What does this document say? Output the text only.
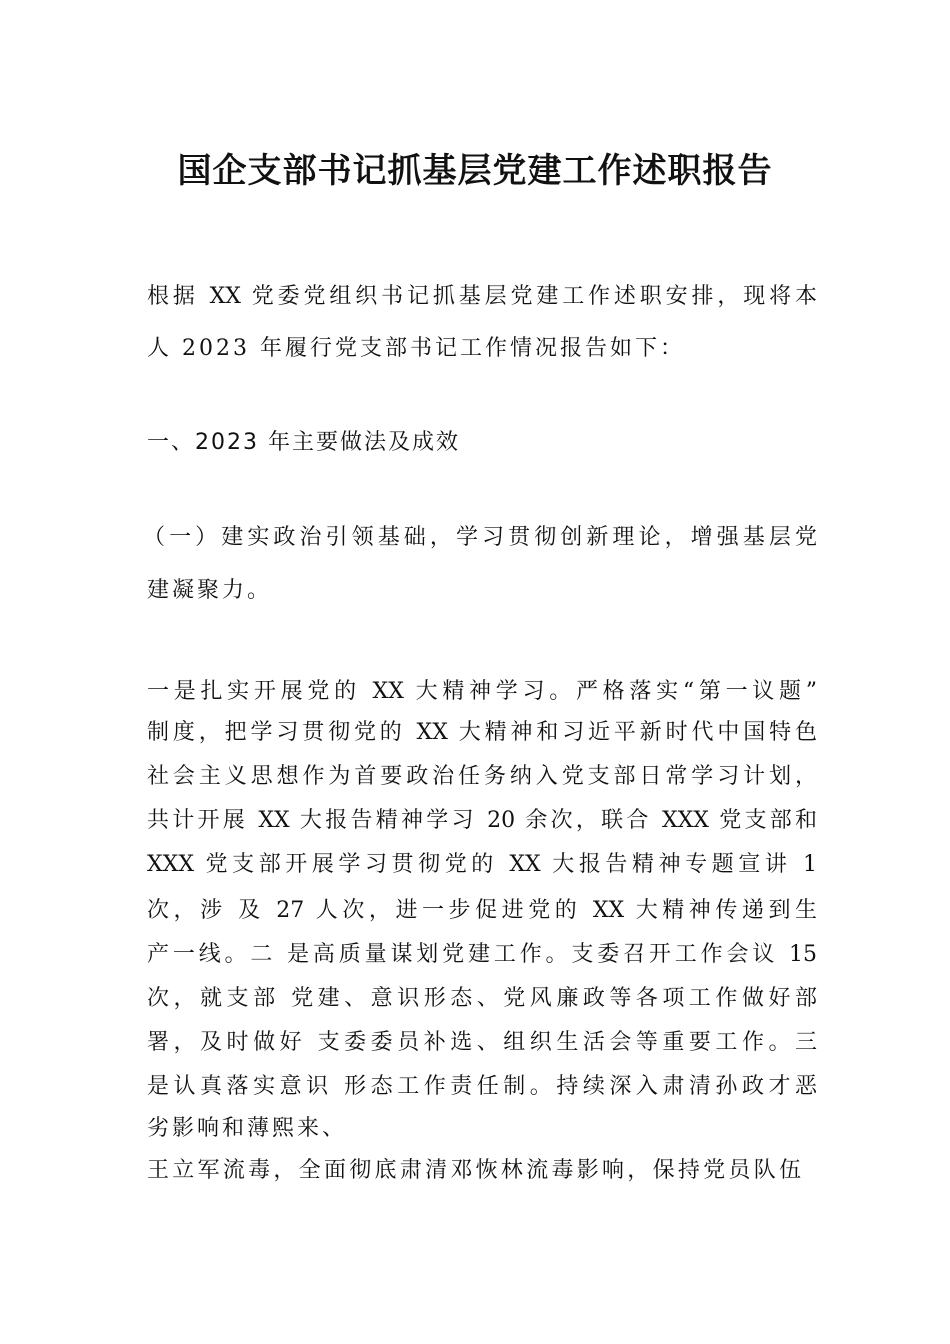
国企支部书记抓基层党建工作述职报告
根据 XX 党委党组织书记抓基层党建工作述职安排，现将本
人 2023 年履行党支部书记工作情况报告如下：
一、2023 年主要做法及成效
（一）建实政治引领基础，学习贯彻创新理论，增强基层党
建凝聚力。
一是扎实开展党的 XX 大精神学习。严格落实“第一议题”
制度，把学习贯彻党的 XX 大精神和习近平新时代中国特色
社会主义思想作为首要政治任务纳入党支部日常学习计划，
共计开展 XX 大报告精神学习 20 余次，联合 XXX 党支部和
XXX 党支部开展学习贯彻党的 XX 大报告精神专题宣讲 1
次，涉 及 27 人次，进一步促进党的 XX 大精神传递到生
产一线。二 是高质量谋划党建工作。支委召开工作会议 15
次，就支部 党建、意识形态、党风廉政等各项工作做好部
署，及时做好 支委委员补选、组织生活会等重要工作。三
是认真落实意识 形态工作责任制。持续深入肃清孙政才恶
劣影响和薄熙来、
王立军流毒，全面彻底肃清邓恢林流毒影响，保持党员队伍
